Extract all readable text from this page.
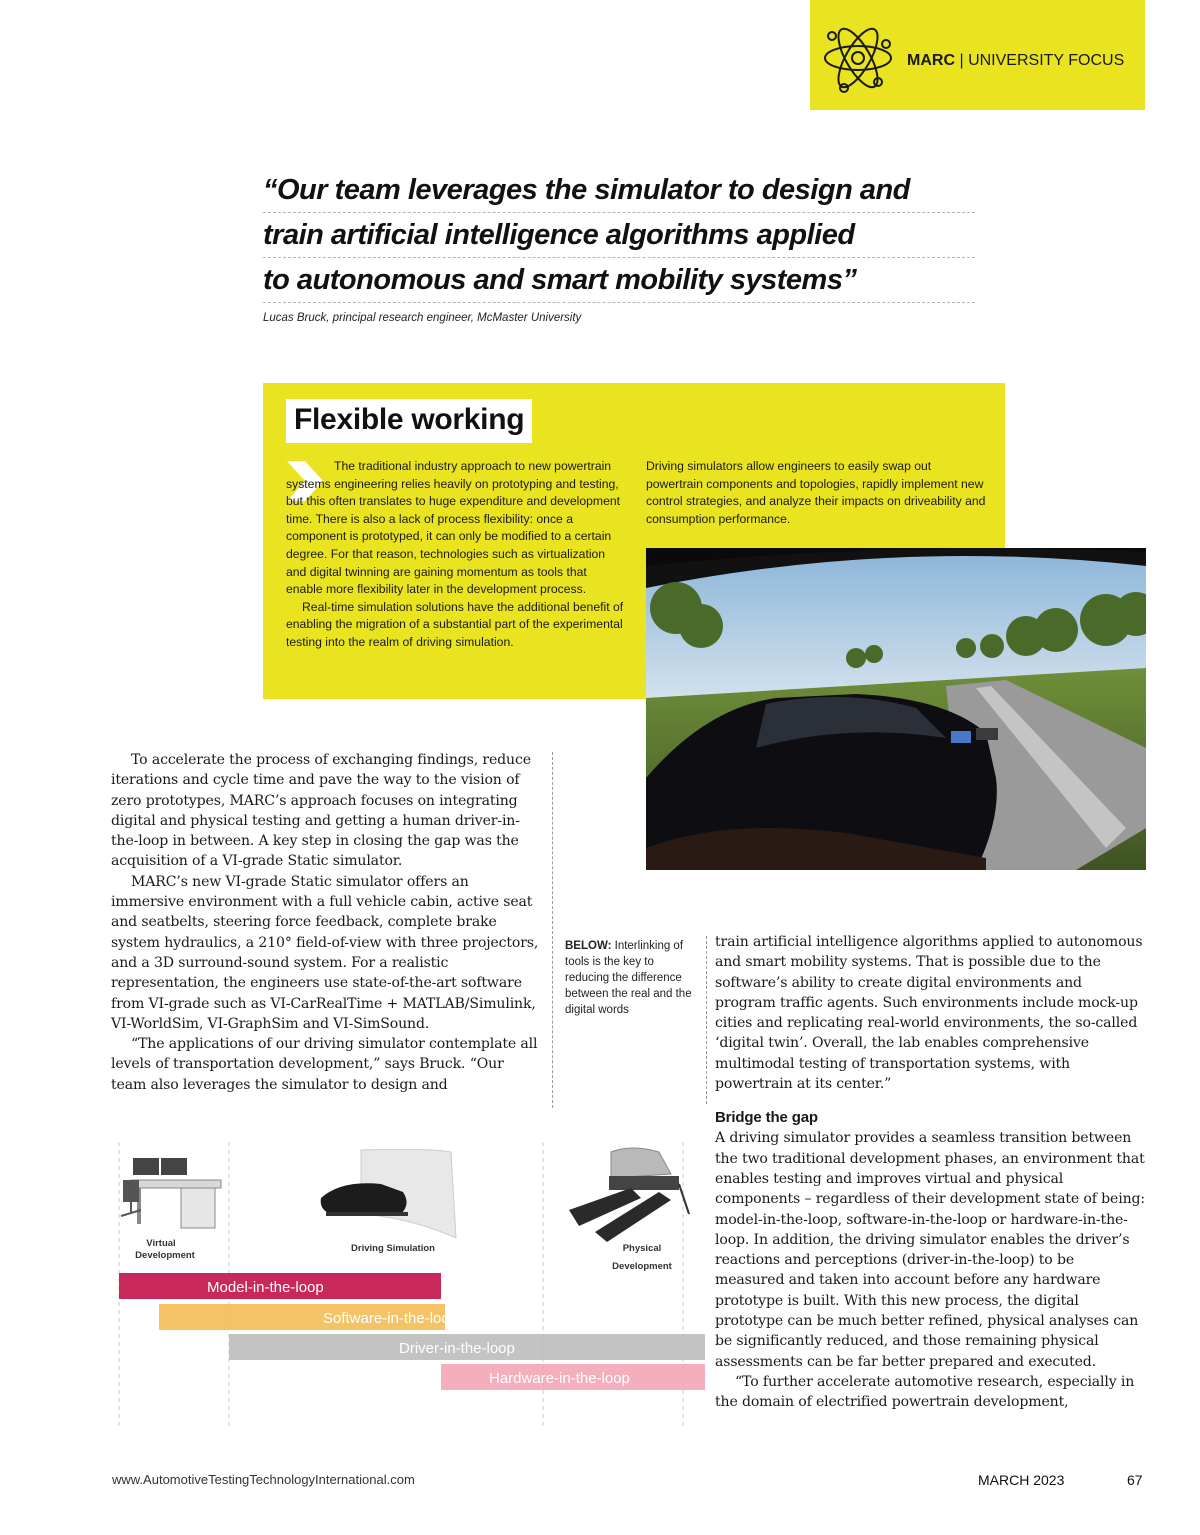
MARC | UNIVERSITY FOCUS
“Our team leverages the simulator to design and
train artificial intelligence algorithms applied
to autonomous and smart mobility systems”
Lucas Bruck, principal research engineer, McMaster University
Flexible working

The traditional industry approach to new powertrain systems engineering relies heavily on prototyping and testing, but this often translates to huge expenditure and development time. There is also a lack of process flexibility: once a component is prototyped, it can only be modified to a certain degree. For that reason, technologies such as virtualization and digital twinning are gaining momentum as tools that enable more flexibility later in the development process.

Real-time simulation solutions have the additional benefit of enabling the migration of a substantial part of the experimental testing into the realm of driving simulation.

Driving simulators allow engineers to easily swap out powertrain components and topologies, rapidly implement new control strategies, and analyze their impacts on driveability and consumption performance.

To accelerate the process of exchanging findings, reduce iterations and cycle time and pave the way to the vision of zero prototypes, MARC’s approach focuses on integrating digital and physical testing and getting a human driver-in-the-loop in between. A key step in closing the gap was the acquisition of a VI-grade Static simulator.

MARC’s new VI-grade Static simulator offers an immersive environment with a full vehicle cabin, active seat and seatbelts, steering force feedback, complete brake system hydraulics, a 210° field-of-view with three projectors, and a 3D surround-sound system. For a realistic representation, the engineers use state-of-the-art software from VI-grade such as VI-CarRealTime + MATLAB/Simulink, VI-WorldSim, VI-GraphSim and VI-SimSound.

“The applications of our driving simulator contemplate all levels of transportation development,” says Bruck. “Our team also leverages the simulator to design and

BELOW: Interlinking of tools is the key to reducing the difference between the real and the digital words

train artificial intelligence algorithms applied to autonomous and smart mobility systems. That is possible due to the software’s ability to create digital environments and program traffic agents. Such environments include mock-up cities and replicating real-world environments, the so-called ‘digital twin’. Overall, the lab enables comprehensive multimodal testing of transportation systems, with powertrain at its center.”

Bridge the gap

A driving simulator provides a seamless transition between the two traditional development phases, an environment that enables testing and improves virtual and physical components – regardless of their development state of being: model-in-the-loop, software-in-the-loop or hardware-in-the-loop. In addition, the driving simulator enables the driver’s reactions and perceptions (driver-in-the-loop) to be measured and taken into account before any hardware prototype is built. With this new process, the digital prototype can be much better refined, physical analyses can be significantly reduced, and those remaining physical assessments can be far better prepared and executed.

“To further accelerate automotive research, especially in the domain of electrified powertrain development,

Virtual
Development
Driving Simulation	Physical
Development
Model-in-the-loop
Software-in-the-loop
Driver-in-the-loop
Hardware-in-the-loop
www.AutomotiveTestingTechnologyInternational.com	MARCH 2023	67
